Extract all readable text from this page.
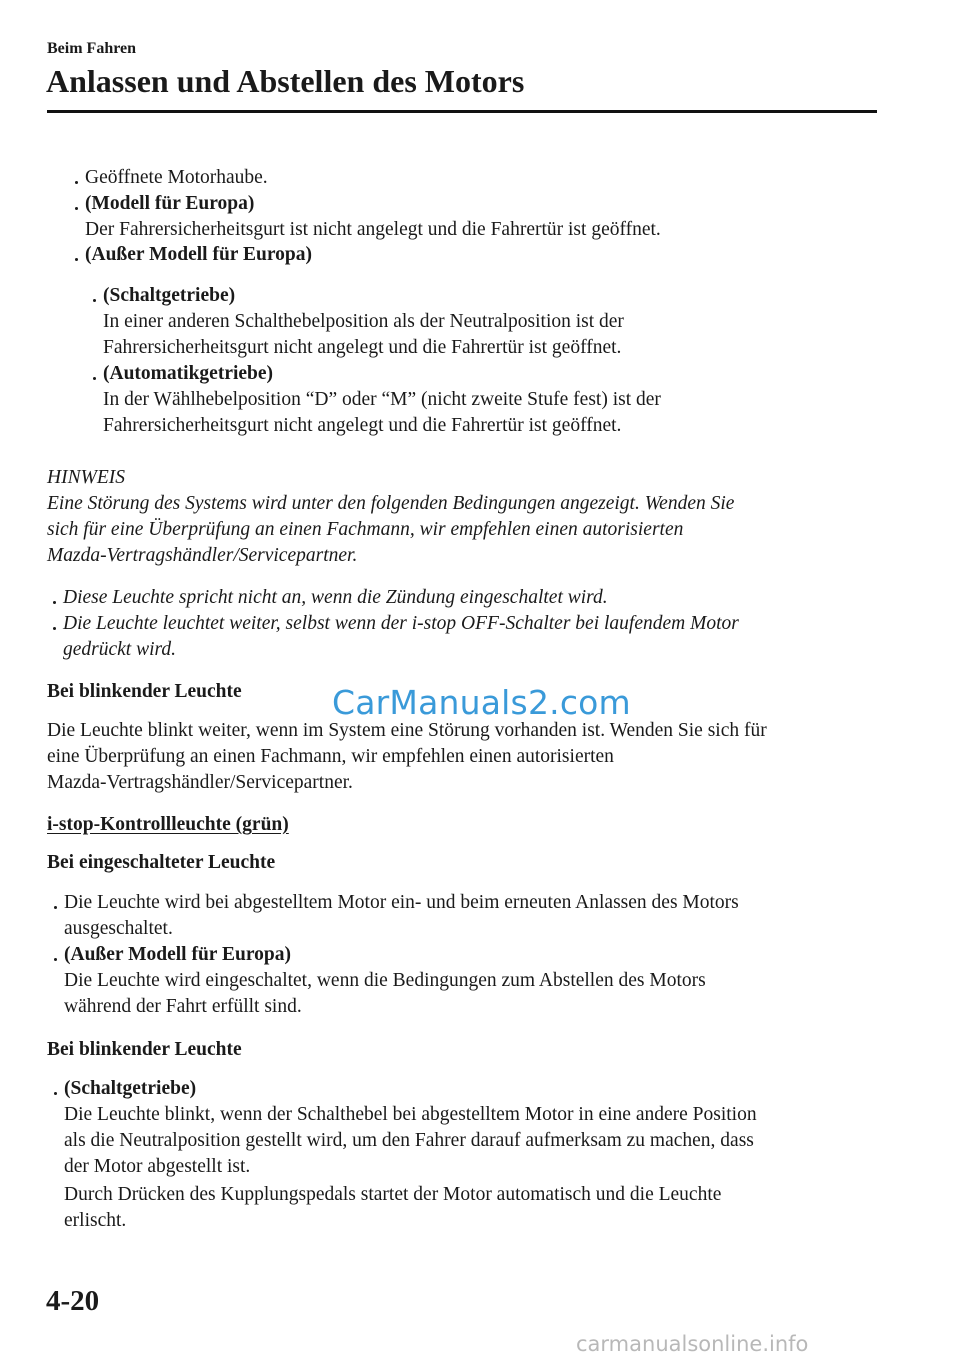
Beim Fahren
Anlassen und Abstellen des Motors
Geöffnete Motorhaube.
(Modell für Europa)
Der Fahrersicherheitsgurt ist nicht angelegt und die Fahrertür ist geöffnet.
(Außer Modell für Europa)
(Schaltgetriebe)
In einer anderen Schalthebelposition als der Neutralposition ist der
Fahrersicherheitsgurt nicht angelegt und die Fahrertür ist geöffnet.
(Automatikgetriebe)
In der Wählhebelposition “D” oder “M” (nicht zweite Stufe fest) ist der
Fahrersicherheitsgurt nicht angelegt und die Fahrertür ist geöffnet.
HINWEIS
Eine Störung des Systems wird unter den folgenden Bedingungen angezeigt. Wenden Sie
sich für eine Überprüfung an einen Fachmann, wir empfehlen einen autorisierten
Mazda-Vertragshändler/Servicepartner.
Diese Leuchte spricht nicht an, wenn die Zündung eingeschaltet wird.
Die Leuchte leuchtet weiter, selbst wenn der i-stop OFF-Schalter bei laufendem Motor
gedrückt wird.
Bei blinkender Leuchte
Die Leuchte blinkt weiter, wenn im System eine Störung vorhanden ist. Wenden Sie sich für
eine Überprüfung an einen Fachmann, wir empfehlen einen autorisierten
Mazda-Vertragshändler/Servicepartner.
i-stop-Kontrollleuchte (grün)
Bei eingeschalteter Leuchte
Die Leuchte wird bei abgestelltem Motor ein- und beim erneuten Anlassen des Motors
ausgeschaltet.
(Außer Modell für Europa)
Die Leuchte wird eingeschaltet, wenn die Bedingungen zum Abstellen des Motors
während der Fahrt erfüllt sind.
Bei blinkender Leuchte
(Schaltgetriebe)
Die Leuchte blinkt, wenn der Schalthebel bei abgestelltem Motor in eine andere Position
als die Neutralposition gestellt wird, um den Fahrer darauf aufmerksam zu machen, dass
der Motor abgestellt ist.
Durch Drücken des Kupplungspedals startet der Motor automatisch und die Leuchte
erlischt.
CarManuals2.com
4-20
carmanualsonline.info
